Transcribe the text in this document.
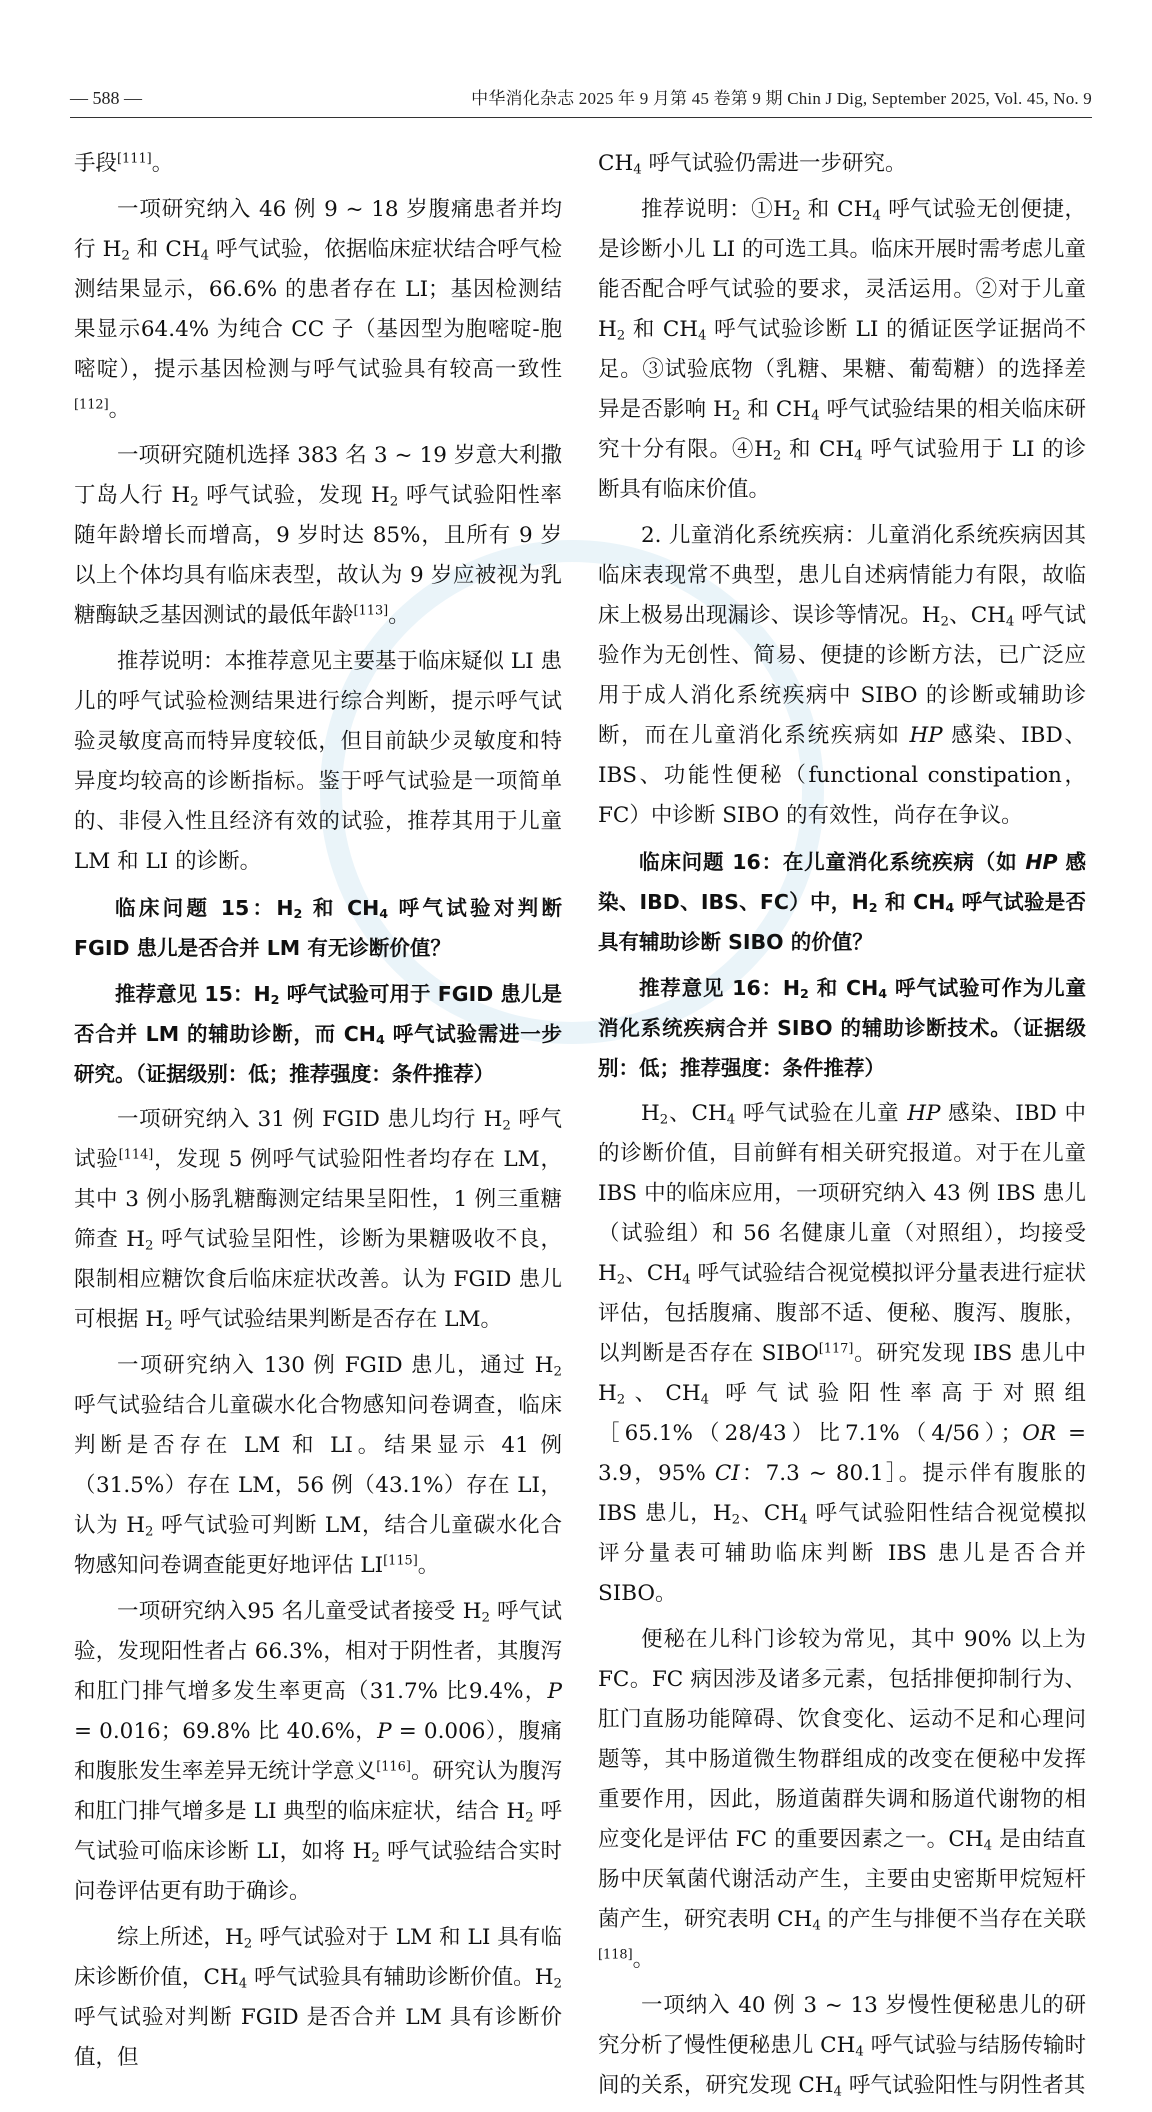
— 588 —	中华消化杂志 2025 年 9 月第 45 卷第 9 期 Chin J Dig, September 2025, Vol. 45, No. 9

手段[111]。

一项研究纳入 46 例 9 ~ 18 岁腹痛患者并均行 $H_2$ 和 $CH_4$ 呼气试验，依据临床症状结合呼气检测结果显示，66.6% 的患者存在 LI；基因检测结果显示64.4% 为纯合 CC 子（基因型为胞嘧啶-胞嘧啶），提示基因检测与呼气试验具有较高一致性[112]。

一项研究随机选择 383 名 3 ~ 19 岁意大利撒丁岛人行 $H_2$ 呼气试验，发现 $H_2$ 呼气试验阳性率随年龄增长而增高，9 岁时达 85%，且所有 9 岁以上个体均具有临床表型，故认为 9 岁应被视为乳糖酶缺乏基因测试的最低年龄[113]。

推荐说明：本推荐意见主要基于临床疑似 LI 患儿的呼气试验检测结果进行综合判断，提示呼气试验灵敏度高而特异度较低，但目前缺少灵敏度和特异度均较高的诊断指标。鉴于呼气试验是一项简单的、非侵入性且经济有效的试验，推荐其用于儿童 LM 和 LI 的诊断。

临床问题 15：$H_2$ 和 $CH_4$ 呼气试验对判断 FGID 患儿是否合并 LM 有无诊断价值？

推荐意见 15：$H_2$ 呼气试验可用于 FGID 患儿是否合并 LM 的辅助诊断，而 $CH_4$ 呼气试验需进一步研究。（证据级别：低；推荐强度：条件推荐）

一项研究纳入 31 例 FGID 患儿均行 $H_2$ 呼气试验[114]，发现 5 例呼气试验阳性者均存在 LM，其中 3 例小肠乳糖酶测定结果呈阳性，1 例三重糖筛查 $H_2$ 呼气试验呈阳性，诊断为果糖吸收不良，限制相应糖饮食后临床症状改善。认为 FGID 患儿可根据 $H_2$ 呼气试验结果判断是否存在 LM。

一项研究纳入 130 例 FGID 患儿，通过 $H_2$ 呼气试验结合儿童碳水化合物感知问卷调查，临床判断是否存在 LM 和 LI。结果显示 41 例（31.5%）存在 LM，56 例（43.1%）存在 LI，认为 $H_2$ 呼气试验可判断 LM，结合儿童碳水化合物感知问卷调查能更好地评估 LI[115]。

一项研究纳入95 名儿童受试者接受 $H_2$ 呼气试验，发现阳性者占 66.3%，相对于阴性者，其腹泻和肛门排气增多发生率更高（31.7% 比9.4%，P = 0.016；69.8% 比 40.6%，P = 0.006），腹痛和腹胀发生率差异无统计学意义[116]。研究认为腹泻和肛门排气增多是 LI 典型的临床症状，结合 $H_2$ 呼气试验可临床诊断 LI，如将 $H_2$ 呼气试验结合实时问卷评估更有助于确诊。

综上所述，$H_2$ 呼气试验对于 LM 和 LI 具有临床诊断价值，$CH_4$ 呼气试验具有辅助诊断价值。$H_2$ 呼气试验对判断 FGID 是否合并 LM 具有诊断价值，但

$CH_4$ 呼气试验仍需进一步研究。

推荐说明：$①H_2$ 和 $CH_4$ 呼气试验无创便捷，是诊断小儿 LI 的可选工具。临床开展时需考虑儿童能否配合呼气试验的要求，灵活运用。②对于儿童 $H_2$ 和 $CH_4$ 呼气试验诊断 LI 的循证医学证据尚不足。③试验底物（乳糖、果糖、葡萄糖）的选择差异是否影响 $H_2$ 和 $CH_4$ 呼气试验结果的相关临床研究十分有限。$④H_2$ 和 $CH_4$ 呼气试验用于 LI 的诊断具有临床价值。

2. 儿童消化系统疾病：儿童消化系统疾病因其临床表现常不典型，患儿自述病情能力有限，故临床上极易出现漏诊、误诊等情况。$H_2$、$CH_4$ 呼气试验作为无创性、简易、便捷的诊断方法，已广泛应用于成人消化系统疾病中 SIBO 的诊断或辅助诊断，而在儿童消化系统疾病如 HP 感染、IBD、IBS、功能性便秘（functional constipation，FC）中诊断 SIBO 的有效性，尚存在争议。

临床问题 16：在儿童消化系统疾病（如 HP 感染、IBD、IBS、FC）中，$H_2$ 和 $CH_4$ 呼气试验是否具有辅助诊断 SIBO 的价值？

推荐意见 16：$H_2$ 和 $CH_4$ 呼气试验可作为儿童消化系统疾病合并 SIBO 的辅助诊断技术。（证据级别：低；推荐强度：条件推荐）

$H_2$、$CH_4$ 呼气试验在儿童 HP 感染、IBD 中的诊断价值，目前鲜有相关研究报道。对于在儿童 IBS 中的临床应用，一项研究纳入 43 例 IBS 患儿（试验组）和 56 名健康儿童（对照组），均接受 $H_2$、$CH_4$ 呼气试验结合视觉模拟评分量表进行症状评估，包括腹痛、腹部不适、便秘、腹泻、腹胀，以判断是否存在 SIBO[117]。研究发现 IBS 患儿中 $H_2$、$CH_4$ 呼气试验阳性率高于对照组［65.1%（28/43）比7.1%（4/56）；OR = 3.9，95% CI：7.3 ~ 80.1］。提示伴有腹胀的 IBS 患儿，$H_2$、$CH_4$ 呼气试验阳性结合视觉模拟评分量表可辅助临床判断 IBS 患儿是否合并 SIBO。

便秘在儿科门诊较为常见，其中 90% 以上为 FC。FC 病因涉及诸多元素，包括排便抑制行为、肛门直肠功能障碍、饮食变化、运动不足和心理问题等，其中肠道微生物群组成的改变在便秘中发挥重要作用，因此，肠道菌群失调和肠道代谢物的相应变化是评估 FC 的重要因素之一。$CH_4$ 是由结直肠中厌氧菌代谢活动产生，主要由史密斯甲烷短杆菌产生，研究表明 $CH_4$ 的产生与排便不当存在关联[118]。

一项纳入 40 例 3 ~ 13 岁慢性便秘患儿的研究分析了慢性便秘患儿 $CH_4$ 呼气试验与结肠传输时间的关系，研究发现 $CH_4$ 呼气试验阳性与阴性者其
